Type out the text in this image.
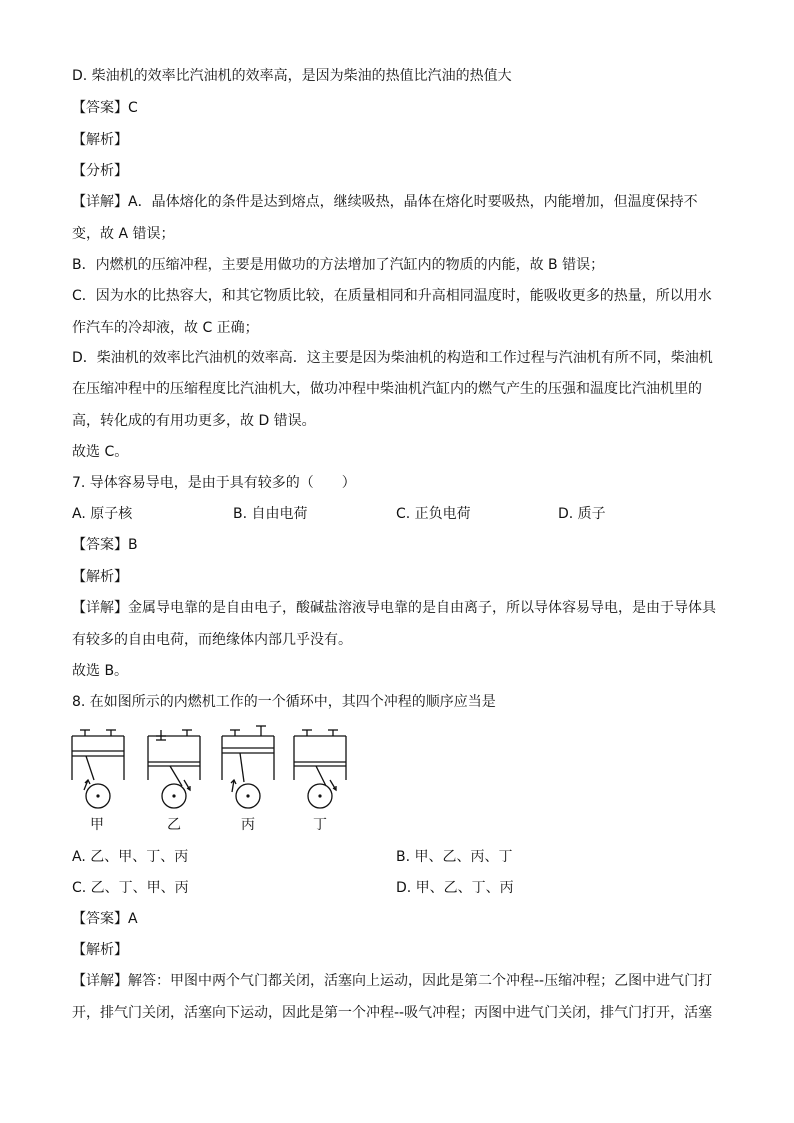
D. 柴油机的效率比汽油机的效率高，是因为柴油的热值比汽油的热值大
【答案】C
【解析】
【分析】
【详解】A．晶体熔化的条件是达到熔点，继续吸热，晶体在熔化时要吸热，内能增加，但温度保持不
变，故 A 错误；
B．内燃机的压缩冲程，主要是用做功的方法增加了汽缸内的物质的内能，故 B 错误；
C．因为水的比热容大，和其它物质比较，在质量相同和升高相同温度时，能吸收更多的热量，所以用水
作汽车的冷却液，故 C 正确；
D．柴油机的效率比汽油机的效率高．这主要是因为柴油机的构造和工作过程与汽油机有所不同，柴油机
在压缩冲程中的压缩程度比汽油机大，做功冲程中柴油机汽缸内的燃气产生的压强和温度比汽油机里的
高，转化成的有用功更多，故 D 错误。
故选 C。
7. 导体容易导电，是由于具有较多的（　　）
A. 原子核	B. 自由电荷	C. 正负电荷	D. 质子
【答案】B
【解析】
【详解】金属导电靠的是自由电子，酸碱盐溶液导电靠的是自由离子，所以导体容易导电，是由于导体具
有较多的自由电荷，而绝缘体内部几乎没有。
故选 B。
8. 在如图所示的内燃机工作的一个循环中，其四个冲程的顺序应当是
甲	乙	丙	丁
A. 乙、甲、丁、丙	B. 甲、乙、丙、丁
C. 乙、丁、甲、丙	D. 甲、乙、丁、丙
【答案】A
【解析】
【详解】解答：甲图中两个气门都关闭，活塞向上运动，因此是第二个冲程--压缩冲程；乙图中进气门打
开，排气门关闭，活塞向下运动，因此是第一个冲程--吸气冲程；丙图中进气门关闭，排气门打开，活塞
